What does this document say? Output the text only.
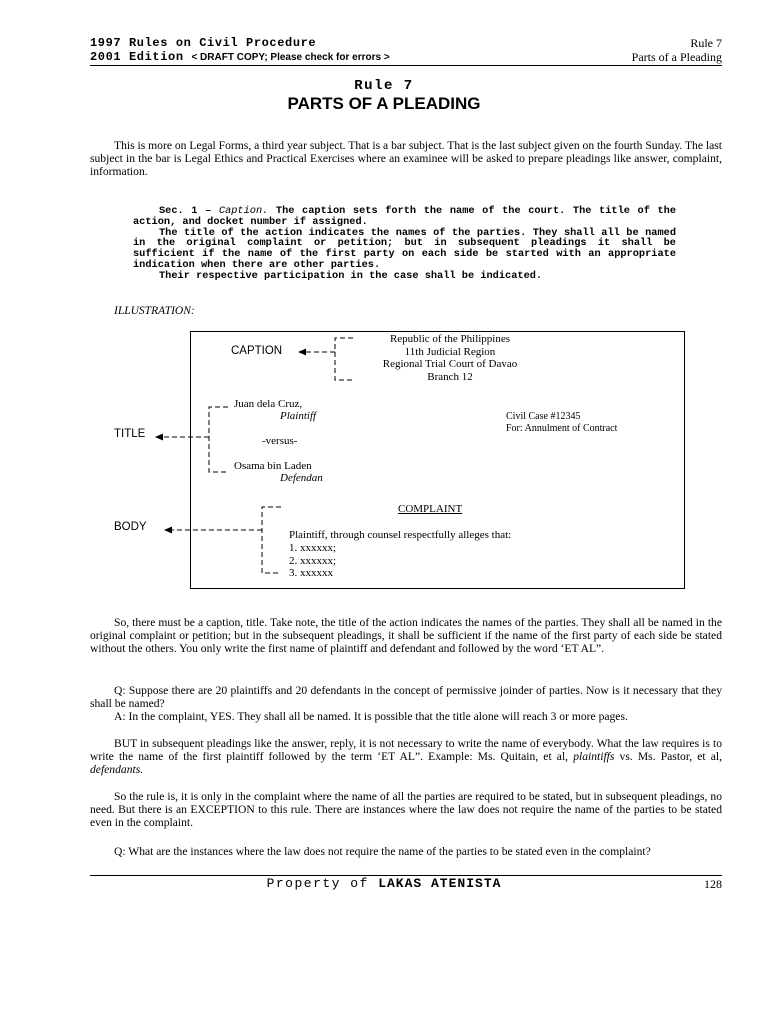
1997 Rules on Civil Procedure
2001 Edition < DRAFT COPY; Please check for errors >
Rule 7
Parts of a Pleading
Rule 7
PARTS OF A PLEADING
This is more on Legal Forms, a third year subject. That is a bar subject. That is the last subject given on the fourth Sunday. The last subject in the bar is Legal Ethics and Practical Exercises where an examinee will be asked to prepare pleadings like answer, complaint, information.

Sec. 1 – Caption. The caption sets forth the name of the court. The title of the action, and docket number if assigned.

The title of the action indicates the names of the parties. They shall all be named in the original complaint or petition; but in subsequent pleadings it shall be sufficient if the name of the first party on each side be started with an appropriate indication when there are other parties.

Their respective participation in the case shall be indicated.

ILLUSTRATION:
CAPTION
TITLE
BODY
Republic of the Philippines
11th Judicial Region
Regional Trial Court of Davao
Branch 12
Juan dela Cruz,
Plaintiff
-versus-
Osama bin Laden
Defendan
Civil Case #12345
For: Annulment of Contract
COMPLAINT
Plaintiff, through counsel respectfully alleges that:
1. xxxxxx;
2. xxxxxx;
3. xxxxxx
So, there must be a caption, title. Take note, the title of the action indicates the names of the parties. They shall all be named in the original complaint or petition; but in the subsequent pleadings, it shall be sufficient if the name of the first party of each side be stated without the others. You only write the first name of plaintiff and defendant and followed by the word ‘ET AL”.
Q: Suppose there are 20 plaintiffs and 20 defendants in the concept of permissive joinder of parties. Now is it necessary that they shall be named?
A: In the complaint, YES. They shall all be named. It is possible that the title alone will reach 3 or more pages.
BUT in subsequent pleadings like the answer, reply, it is not necessary to write the name of everybody. What the law requires is to write the name of the first plaintiff followed by the term ‘ET AL”. Example: Ms. Quitain, et al, plaintiffs vs. Ms. Pastor, et al, defendants.
So the rule is, it is only in the complaint where the name of all the parties are required to be stated, but in subsequent pleadings, no need. But there is an EXCEPTION to this rule. There are instances where the law does not require the name of the parties to be stated even in the complaint.
Q: What are the instances where the law does not require the name of the parties to be stated even in the complaint?
Property of LAKAS ATENISTA	128
